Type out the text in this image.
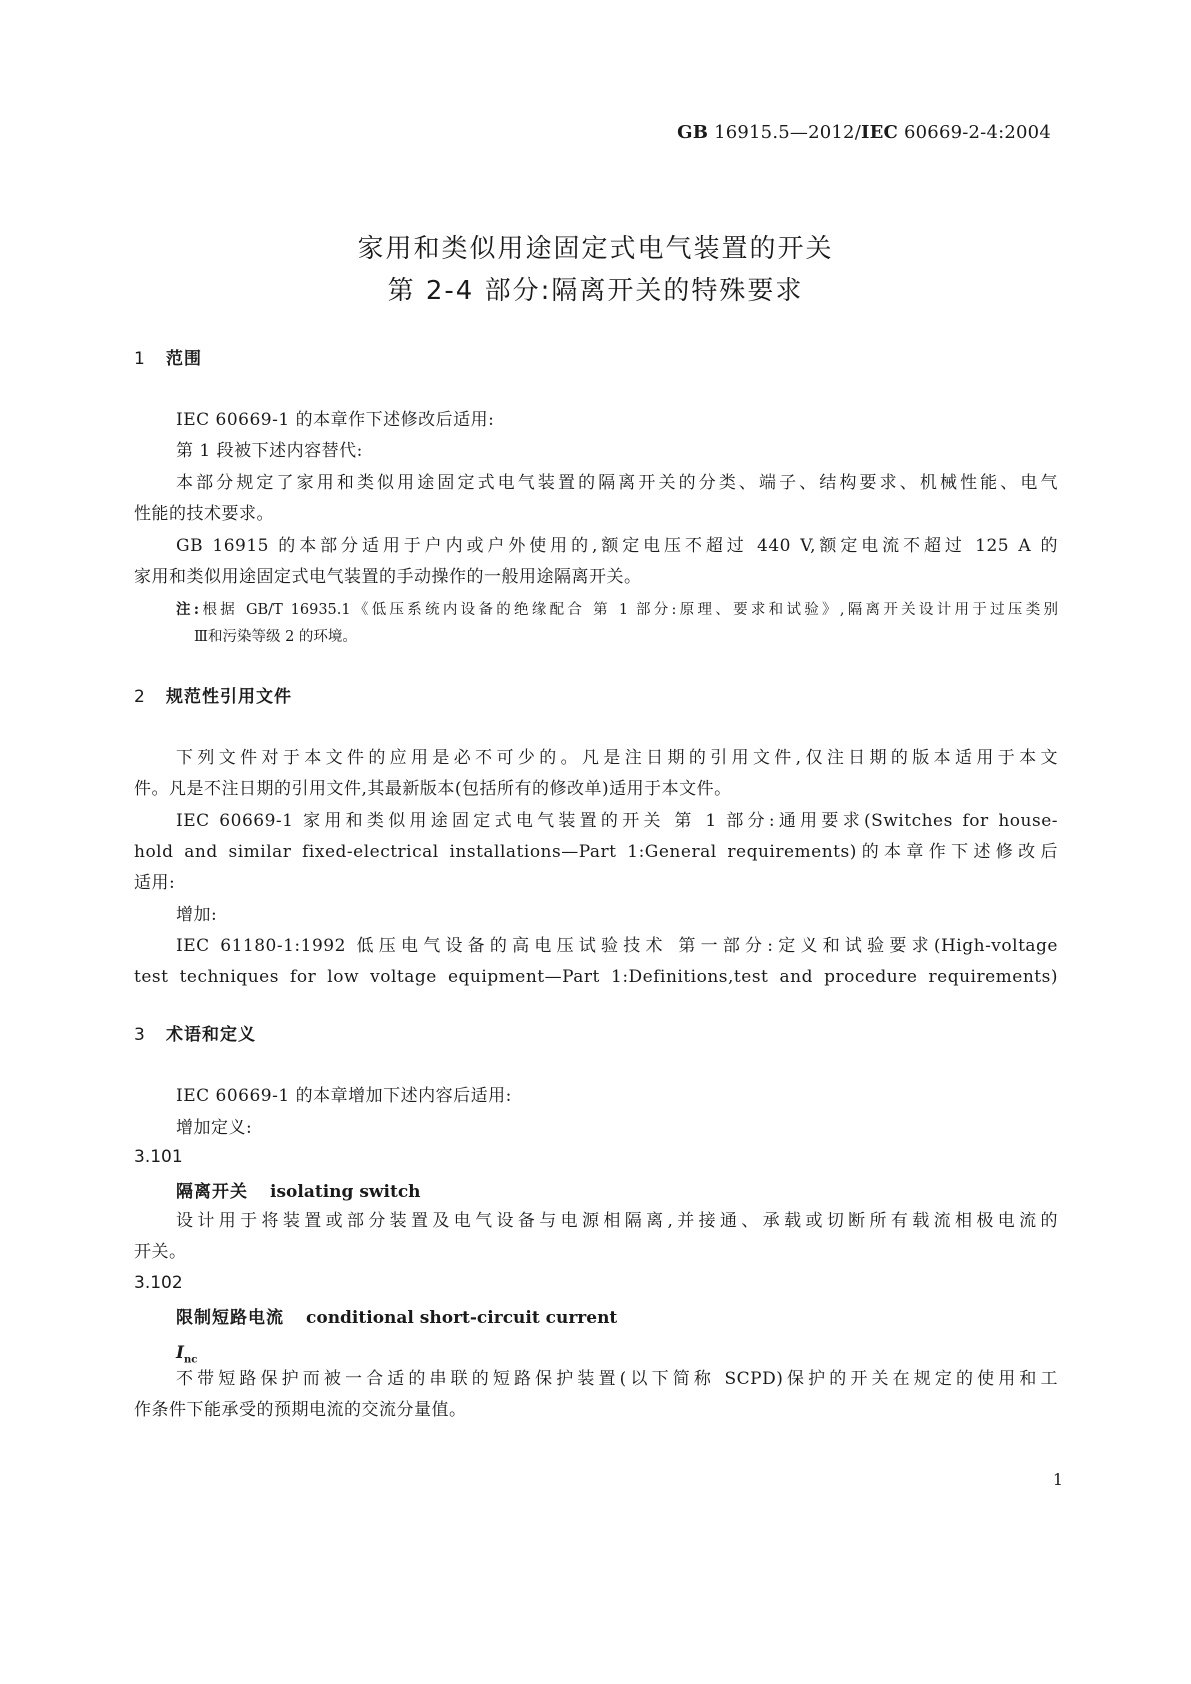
GB 16915.5—2012/IEC 60669-2-4:2004
家用和类似用途固定式电气装置的开关
第 2-4 部分:隔离开关的特殊要求
1 范围
IEC 60669-1 的本章作下述修改后适用:
第 1 段被下述内容替代:
本部分规定了家用和类似用途固定式电气装置的隔离开关的分类、端子、结构要求、机械性能、电气
性能的技术要求。
GB 16915 的本部分适用于户内或户外使用的,额定电压不超过 440 V,额定电流不超过 125 A 的
家用和类似用途固定式电气装置的手动操作的一般用途隔离开关。
注:根据 GB/T 16935.1《低压系统内设备的绝缘配合 第 1 部分:原理、要求和试验》,隔离开关设计用于过压类别
Ⅲ和污染等级 2 的环境。
2 规范性引用文件
下列文件对于本文件的应用是必不可少的。凡是注日期的引用文件,仅注日期的版本适用于本文
件。凡是不注日期的引用文件,其最新版本(包括所有的修改单)适用于本文件。
IEC 60669-1 家用和类似用途固定式电气装置的开关 第 1 部分:通用要求(Switches for house-
hold and similar fixed-electrical installations—Part 1:General requirements)的本章作下述修改后
适用:
增加:
IEC 61180-1:1992 低压电气设备的高电压试验技术 第一部分:定义和试验要求(High-voltage
test techniques for low voltage equipment—Part 1:Definitions,test and procedure requirements)
3 术语和定义
IEC 60669-1 的本章增加下述内容后适用:
增加定义:
3.101
隔离开关 isolating switch
设计用于将装置或部分装置及电气设备与电源相隔离,并接通、承载或切断所有载流相极电流的
开关。
3.102
限制短路电流 conditional short-circuit current
$I_{nc}$
不带短路保护而被一合适的串联的短路保护装置(以下简称 SCPD)保护的开关在规定的使用和工
作条件下能承受的预期电流的交流分量值。
1
